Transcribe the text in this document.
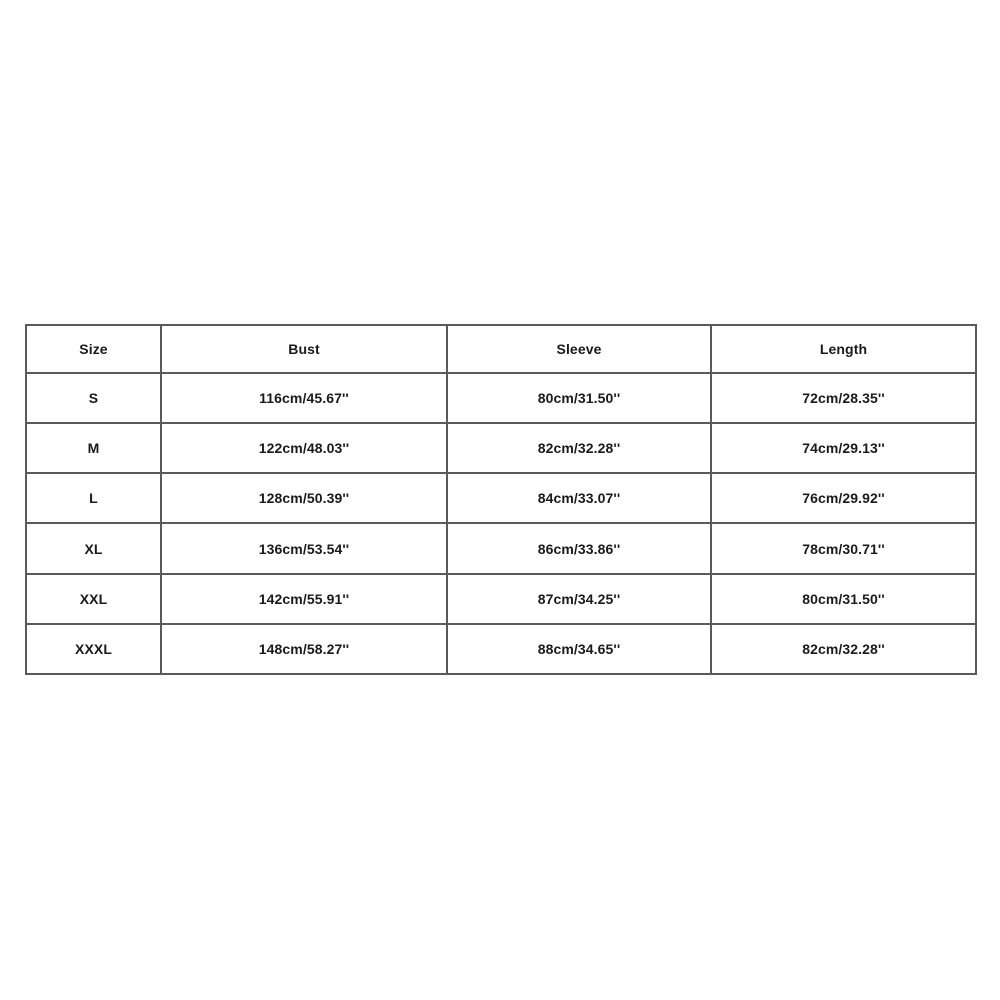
Size	Bust	Sleeve	Length
S	116cm/45.67''	80cm/31.50''	72cm/28.35''
M	122cm/48.03''	82cm/32.28''	74cm/29.13''
L	128cm/50.39''	84cm/33.07''	76cm/29.92''
XL	136cm/53.54''	86cm/33.86''	78cm/30.71''
XXL	142cm/55.91''	87cm/34.25''	80cm/31.50''
XXXL	148cm/58.27''	88cm/34.65''	82cm/32.28''
